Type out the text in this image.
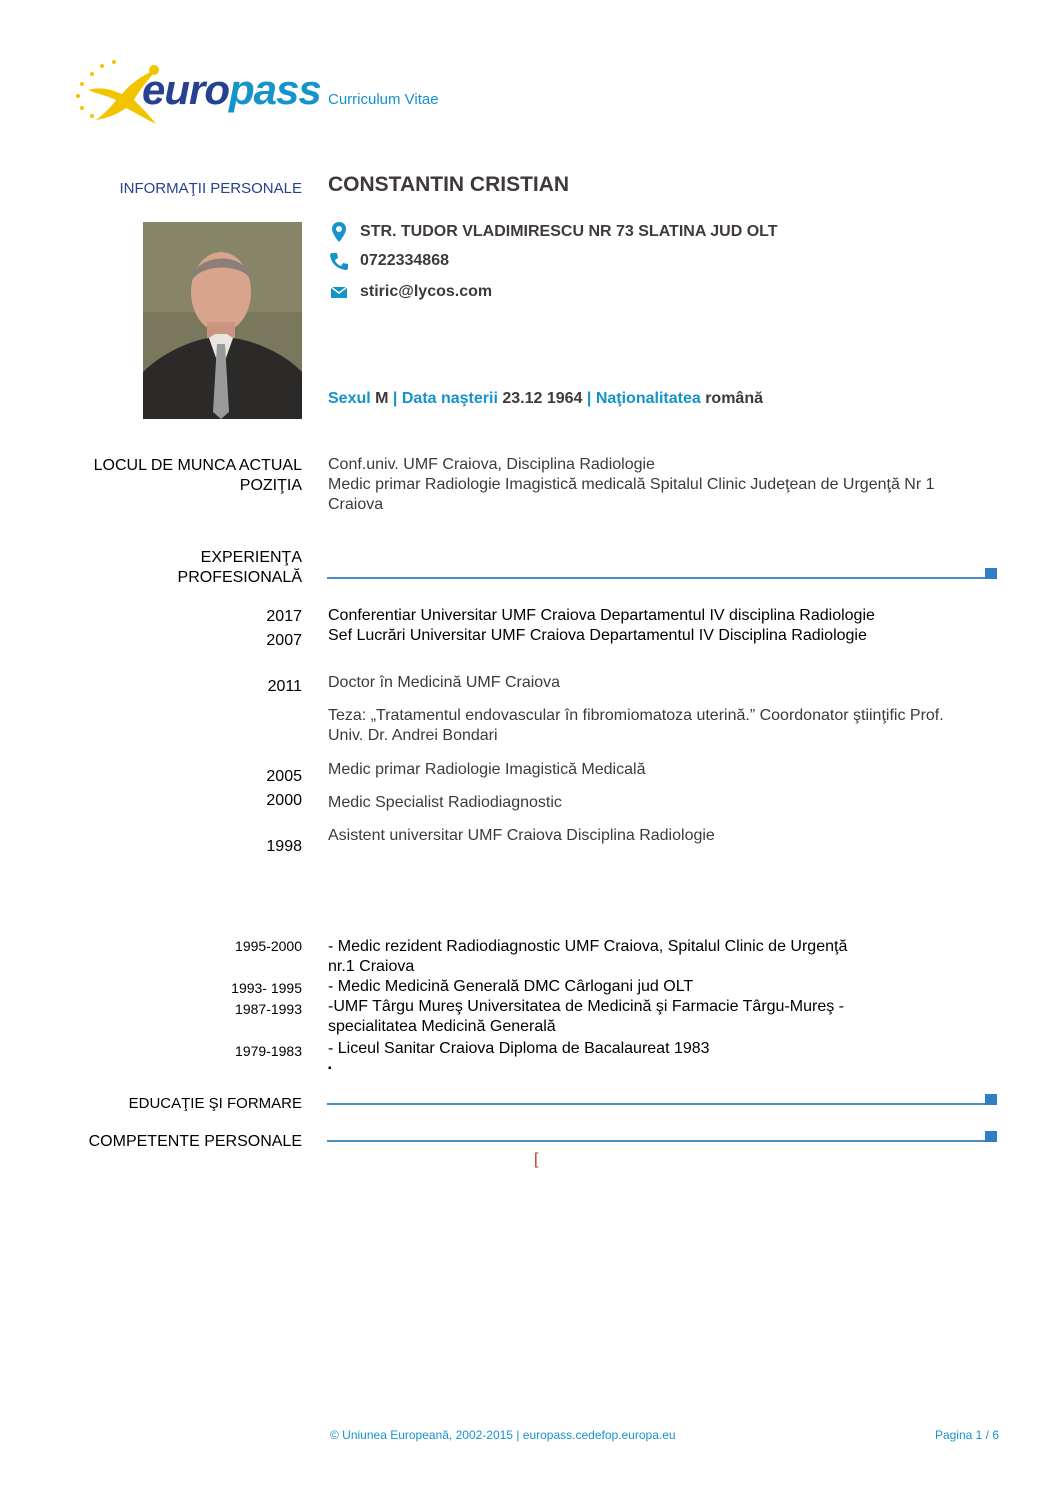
europass Curriculum Vitae
INFORMAŢII PERSONALE CONSTANTIN CRISTIAN
STR. TUDOR VLADIMIRESCU NR 73 SLATINA JUD OLT
0722334868
stiric@lycos.com
Sexul M | Data naşterii 23.12 1964 | Naţionalitatea română
LOCUL DE MUNCA ACTUAL
POZIŢIA
Conf.univ. UMF Craiova, Disciplina Radiologie
Medic primar Radiologie Imagistică medicală Spitalul Clinic Judeţean de Urgenţă Nr 1
Craiova
EXPERIENŢA
PROFESIONALĂ
2017
2007
Conferentiar Universitar UMF Craiova Departamentul IV disciplina Radiologie
Sef Lucrări Universitar UMF Craiova Departamentul IV Disciplina Radiologie
2011 Doctor în Medicină UMF Craiova
Teza: „Tratamentul endovascular în fibromiomatoza uterină.” Coordonator ştiinţific Prof.
Univ. Dr. Andrei Bondari
2005 Medic primar Radiologie Imagistică Medicală
2000 Medic Specialist Radiodiagnostic
1998
Asistent universitar UMF Craiova Disciplina Radiologie
1995-2000 - Medic rezident Radiodiagnostic UMF Craiova, Spitalul Clinic de Urgenţă
nr.1 Craiova
1993- 1995 - Medic Medicină Generală DMC Cârlogani jud OLT
1987-1993 -UMF Târgu Mureş Universitatea de Medicină şi Farmacie Târgu-Mureş -
specialitatea Medicină Generală
1979-1983 - Liceul Sanitar Craiova Diploma de Bacalaureat 1983
▪
EDUCAŢIE ŞI FORMARE
COMPETENTE PERSONALE
[
© Uniunea Europeană, 2002-2015 | europass.cedefop.europa.eu	Pagina 1 / 6
